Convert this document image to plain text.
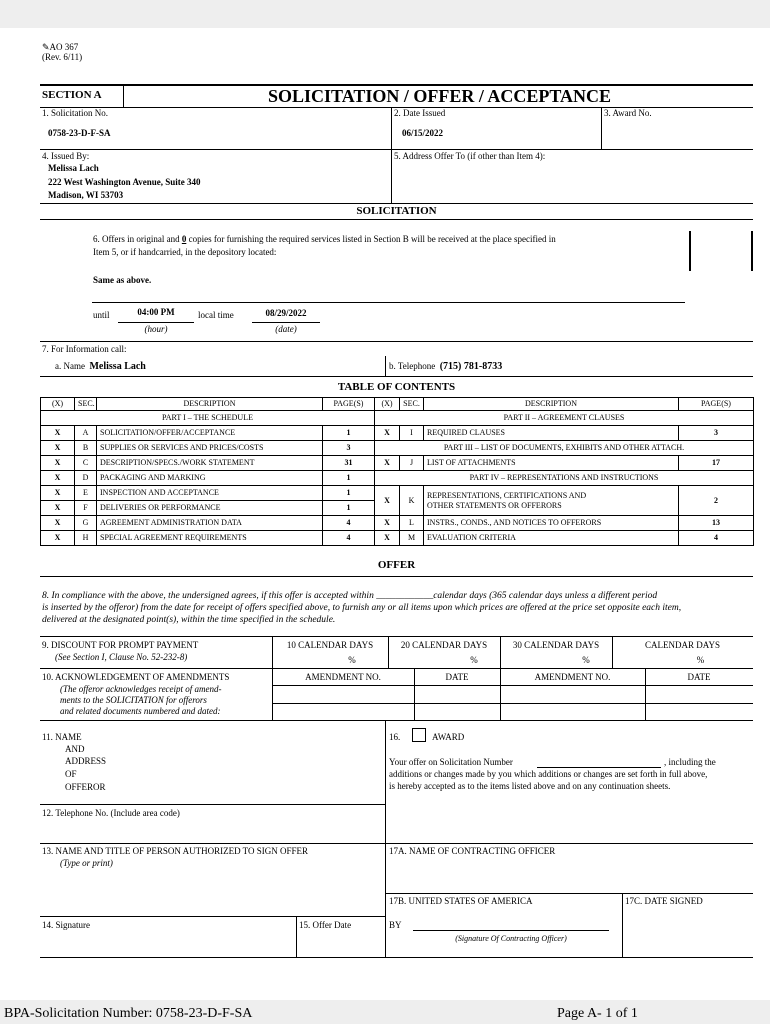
✎AO 367
(Rev. 6/11)
SECTION A	SOLICITATION / OFFER / ACCEPTANCE
1. Solicitation No.
0758-23-D-F-SA
2. Date Issued
06/15/2022
3. Award No.
4. Issued By:
Melissa Lach
222 West Washington Avenue, Suite 340
Madison, WI 53703
5. Address Offer To (if other than Item 4):
SOLICITATION
6. Offers in original and 0 copies for furnishing the required services listed in Section B will be received at the place specified in
Item 5, or if handcarried, in the depository located:
Same as above.
until	04:00 PM
(hour)
local time	08/29/2022
(date)
7. For Information call:
a. Name Melissa Lach	b. Telephone (715) 781-8733
TABLE OF CONTENTS
(X)	SEC.	DESCRIPTION	PAGE(S)	(X)	SEC.	DESCRIPTION	PAGE(S)
PART I – THE SCHEDULE				PART II – AGREEMENT CLAUSES			
X	A	SOLICITATION/OFFER/ACCEPTANCE	1	X	I	REQUIRED CLAUSES	3
X	B	SUPPLIES OR SERVICES AND PRICES/COSTS	3	PART III – LIST OF DOCUMENTS, EXHIBITS AND OTHER ATTACH.			
X	C	DESCRIPTION/SPECS./WORK STATEMENT	31	X	J	LIST OF ATTACHMENTS	17
X	D	PACKAGING AND MARKING	1	PART IV – REPRESENTATIONS AND INSTRUCTIONS			
X	E	INSPECTION AND ACCEPTANCE	1	X	K	REPRESENTATIONS, CERTIFICATIONS AND
OTHER STATEMENTS OR OFFERORS	2
X	F	DELIVERIES OR PERFORMANCE	1				
X	G	AGREEMENT ADMINISTRATION DATA	4	X	L	INSTRS., CONDS., AND NOTICES TO OFFERORS	13
X	H	SPECIAL AGREEMENT REQUIREMENTS	4	X	M	EVALUATION CRITERIA	4
OFFER
8. In compliance with the above, the undersigned agrees, if this offer is accepted within ____________calendar days (365 calendar days unless a different period
is inserted by the offeror) from the date for receipt of offers specified above, to furnish any or all items upon which prices are offered at the price set opposite each item,
delivered at the designated point(s), within the time specified in the schedule.
9. DISCOUNT FOR PROMPT PAYMENT
(See Section I, Clause No. 52-232-8)
10 CALENDAR DAYS	20 CALENDAR DAYS	30 CALENDAR DAYS	CALENDAR DAYS
%	%	%	%
10. ACKNOWLEDGEMENT OF AMENDMENTS
(The offeror acknowledges receipt of amend-
ments to the SOLICITATION for offerors
and related documents numbered and dated:
AMENDMENT NO.	DATE	AMENDMENT NO.	DATE
11. NAME
AND
ADDRESS
OF
OFFEROR
16.	AWARD
Your offer on Solicitation Number	, including the
additions or changes made by you which additions or changes are set forth in full above,
is hereby accepted as to the items listed above and on any continuation sheets.
12. Telephone No. (Include area code)
13. NAME AND TITLE OF PERSON AUTHORIZED TO SIGN OFFER
(Type or print)
17A. NAME OF CONTRACTING OFFICER
17B. UNITED STATES OF AMERICA	17C. DATE SIGNED
14. Signature	15. Offer Date	BY
(Signature Of Contracting Officer)
BPA-Solicitation Number: 0758-23-D-F-SA	Page A- 1 of 1
